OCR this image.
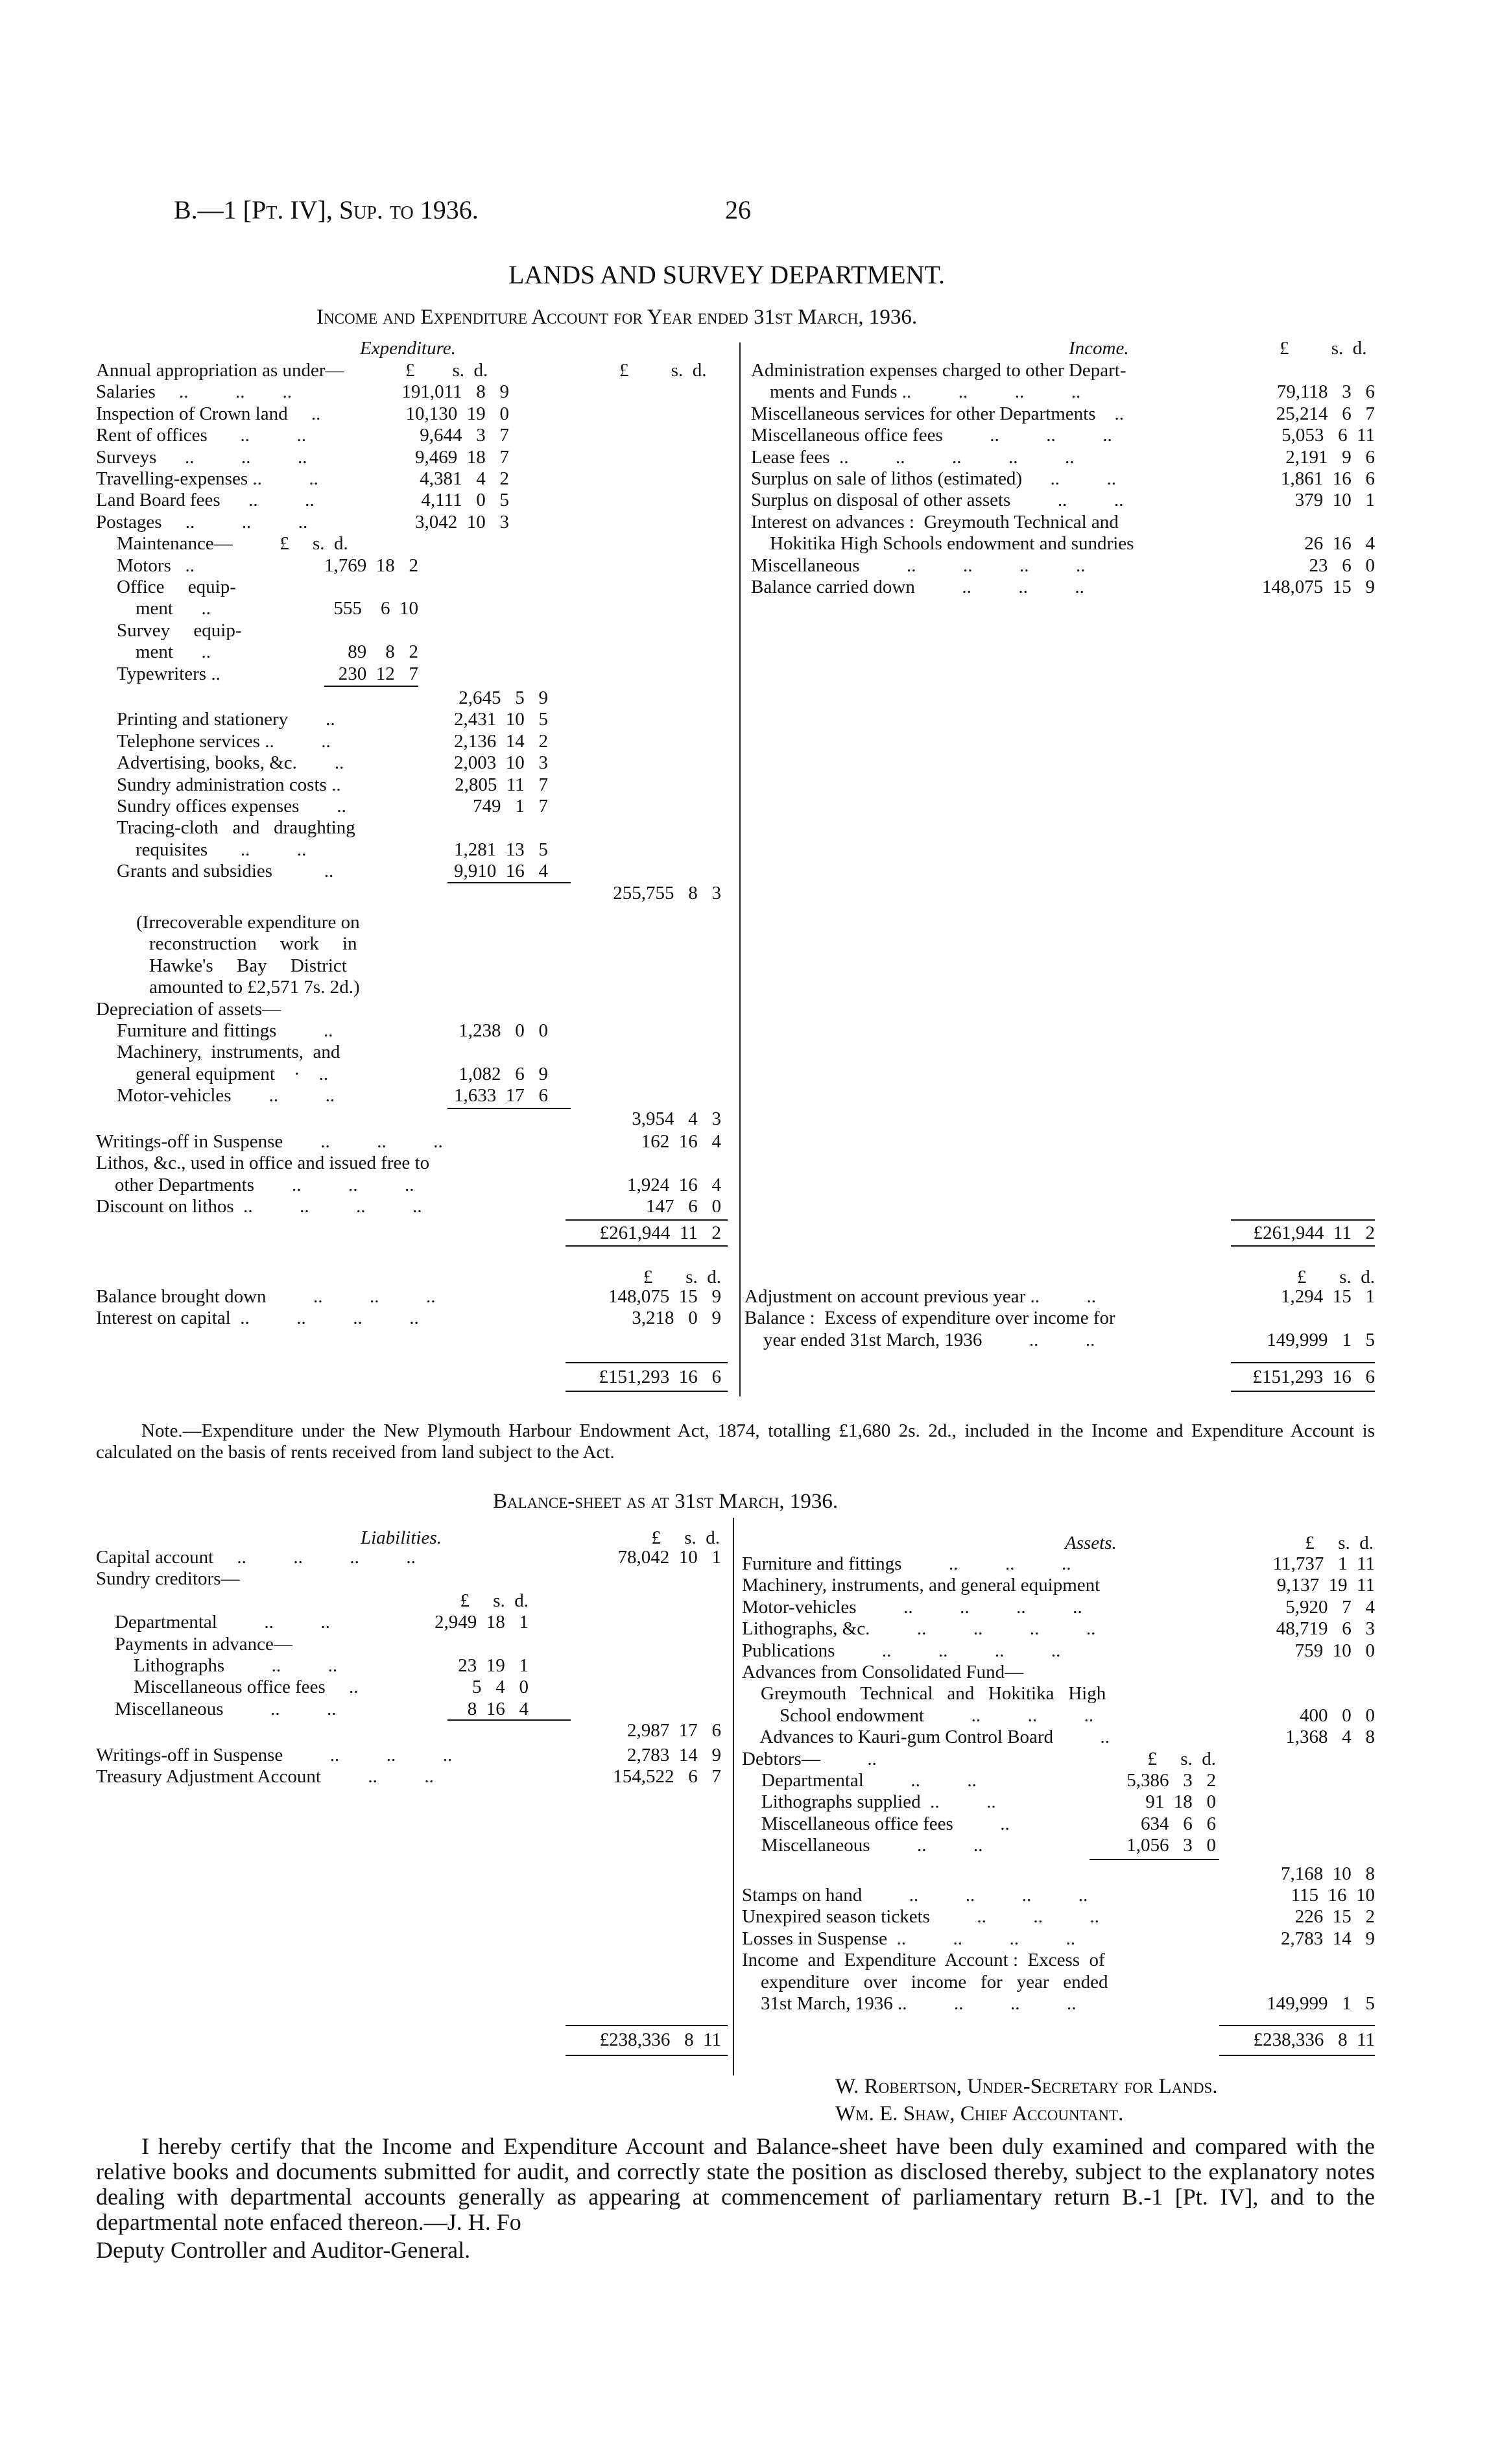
B.—1 [Pt. IV], Sup. to 1936.	26
LANDS AND SURVEY DEPARTMENT.
Income and Expenditure Account for Year ended 31st March, 1936.
Expenditure.
£        s.  d.	£         s.  d.
Annual appropriation as under—
Salaries     ..          ..        ..	191,011   8   9
Inspection of Crown land     ..	10,130  19   0
Rent of offices       ..          ..	9,644   3   7
Surveys      ..          ..          ..	9,469  18   7
Travelling-expenses ..          ..	4,381   4   2
Land Board fees      ..          ..	4,111   0   5
Postages     ..          ..          ..	3,042  10   3
Maintenance—          £     s.  d.
Motors   ..	1,769  18   2
Office     equip-
ment      ..	555    6  10
Survey     equip-
ment      ..	89    8   2
Typewriters ..	230  12   7
2,645   5   9
Printing and stationery        ..	2,431  10   5
Telephone services ..          ..	2,136  14   2
Advertising, books, &c.        ..	2,003  10   3
Sundry administration costs ..	2,805  11   7
Sundry offices expenses        ..	749   1   7
Tracing-cloth   and   draughting
requisites       ..          ..	1,281  13   5
Grants and subsidies           ..	9,910  16   4
255,755   8   3
(Irrecoverable expenditure on
reconstruction     work     in
Hawke's     Bay     District
amounted to £2,571 7s. 2d.)
Depreciation of assets—
Furniture and fittings          ..	1,238   0   0
Machinery,  instruments,  and
general equipment    ·    ..	1,082   6   9
Motor-vehicles        ..          ..	1,633  17   6
3,954   4   3
Writings-off in Suspense        ..          ..          ..	162  16   4
Lithos, &c., used in office and issued free to
other Departments        ..          ..          ..	1,924  16   4
Discount on lithos  ..          ..          ..          ..	147   6   0
Income.	£         s.  d.
Administration expenses charged to other Depart-
ments and Funds ..          ..          ..          ..	79,118   3   6
Miscellaneous services for other Departments    ..	25,214   6   7
Miscellaneous office fees          ..          ..          ..	5,053   6  11
Lease fees  ..          ..          ..          ..          ..	2,191   9   6
Surplus on sale of lithos (estimated)      ..          ..	1,861  16   6
Surplus on disposal of other assets          ..          ..	379  10   1
Interest on advances :  Greymouth Technical and
Hokitika High Schools endowment and sundries	26  16   4
Miscellaneous          ..          ..          ..          ..	23   6   0
Balance carried down          ..          ..          ..	148,075  15   9
£261,944  11   2	£261,944  11   2
£       s.  d.	£       s.  d.
Balance brought down          ..          ..          ..	148,075  15   9
Interest on capital  ..          ..          ..          ..	3,218   0   9
Adjustment on account previous year ..          ..	1,294  15   1
Balance :  Excess of expenditure over income for
year ended 31st March, 1936          ..          ..	149,999   1   5
£151,293  16   6	£151,293  16   6
Note.—Expenditure under the New Plymouth Harbour Endowment Act, 1874, totalling £1,680 2s. 2d., included in the Income and Expenditure Account is calculated on the basis of rents received from land subject to the Act.
Balance-sheet as at 31st March, 1936.
Liabilities.	£     s.  d.	Assets.	£     s.  d.
Capital account     ..          ..          ..          ..	78,042  10   1
Sundry creditors—
£     s.  d.
Departmental          ..          ..	2,949  18   1
Payments in advance—
Lithographs          ..          ..	23  19   1
Miscellaneous office fees     ..	5   4   0
Miscellaneous          ..          ..	8  16   4
2,987  17   6
Writings-off in Suspense          ..          ..          ..	2,783  14   9
Treasury Adjustment Account          ..          ..	154,522   6   7
Furniture and fittings          ..          ..          ..	11,737   1  11
Machinery, instruments, and general equipment	9,137  19  11
Motor-vehicles          ..          ..          ..          ..	5,920   7   4
Lithographs, &c.          ..          ..          ..          ..	48,719   6   3
Publications          ..          ..          ..          ..	759  10   0
Advances from Consolidated Fund—
Greymouth   Technical   and   Hokitika   High
School endowment          ..          ..          ..	400   0   0
Advances to Kauri-gum Control Board          ..	1,368   4   8
Debtors—          ..	£     s.  d.
Departmental          ..          ..	5,386   3   2
Lithographs supplied  ..          ..	91  18   0
Miscellaneous office fees          ..	634   6   6
Miscellaneous          ..          ..	1,056   3   0
7,168  10   8
Stamps on hand          ..          ..          ..          ..	115  16  10
Unexpired season tickets          ..          ..          ..	226  15   2
Losses in Suspense  ..          ..          ..          ..	2,783  14   9
Income  and  Expenditure  Account :  Excess  of
expenditure   over   income   for   year   ended
31st March, 1936 ..          ..          ..          ..	149,999   1   5
£238,336   8  11	£238,336   8  11
W. Robertson, Under-Secretary for Lands.
Wm. E. Shaw, Chief Accountant.
I hereby certify that the Income and Expenditure Account and Balance-sheet have been duly examined and compared with the relative books and documents submitted for audit, and correctly state the position as disclosed thereby, subject to the explanatory notes dealing with departmental accounts generally as appearing at commencement of parliamentary return B.-1 [Pt. IV], and to the departmental note enfaced thereon.—J. H. Fo
Deputy Controller and Auditor-General.
